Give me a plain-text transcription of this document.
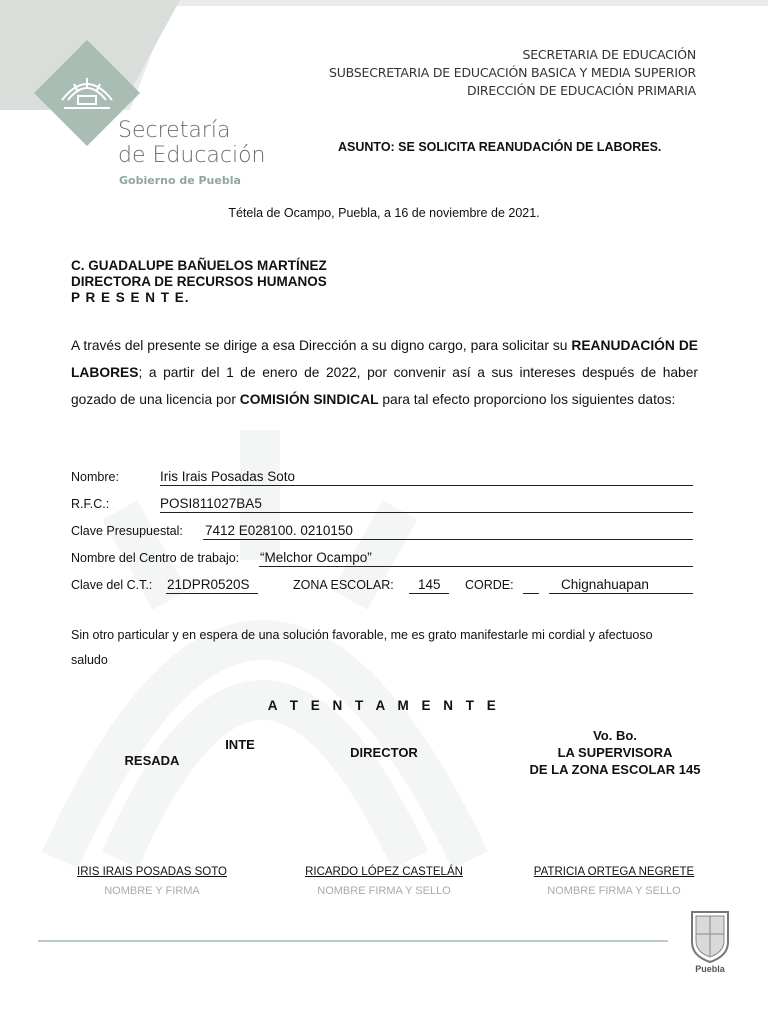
Secretaría
de Educación
Gobierno de Puebla
SECRETARIA DE EDUCACIÓN
SUBSECRETARIA DE EDUCACIÓN BASICA Y MEDIA SUPERIOR
DIRECCIÓN DE EDUCACIÓN PRIMARIA
ASUNTO: SE SOLICITA REANUDACIÓN DE LABORES.
Tételа de Ocampo, Puebla, a 16 de noviembre de 2021.
C. GUADALUPE BAÑUELOS MARTÍNEZ
DIRECTORA DE RECURSOS HUMANOS
P R E S E N T E.
A través del presente se dirige a esa Dirección a su digno cargo, para solicitar su REANUDACIÓN DE LABORES; a partir del 1 de enero de 2022, por convenir así a sus intereses después de haber gozado de una licencia por COMISIÓN SINDICAL para tal efecto proporciono los siguientes datos:
Nombre:	Iris Irais Posadas Soto
R.F.C.:	POSI811027BA5
Clave Presupuestal: 7412 E028100. 0210150
Nombre del Centro de trabajo: “Melchor Ocampo”
Clave del C.T.: 21DPR0520S	ZONA ESCOLAR: 145 CORDE:	Chignahuapan
Sin otro particular y en espera de una solución favorable, me es grato manifestarle mi cordial y afectuoso saludo
A T E N T A M E N T E
INTE
RESADA
DIRECTOR
Vo. Bo.
LA SUPERVISORA
DE LA ZONA ESCOLAR 145
IRIS IRAIS POSADAS SOTO
NOMBRE Y FIRMA
RICARDO LÓPEZ CASTELÁN
NOMBRE FIRMA Y SELLO
PATRICIA ORTEGA NEGRETE
NOMBRE FIRMA Y SELLO
Puebla
